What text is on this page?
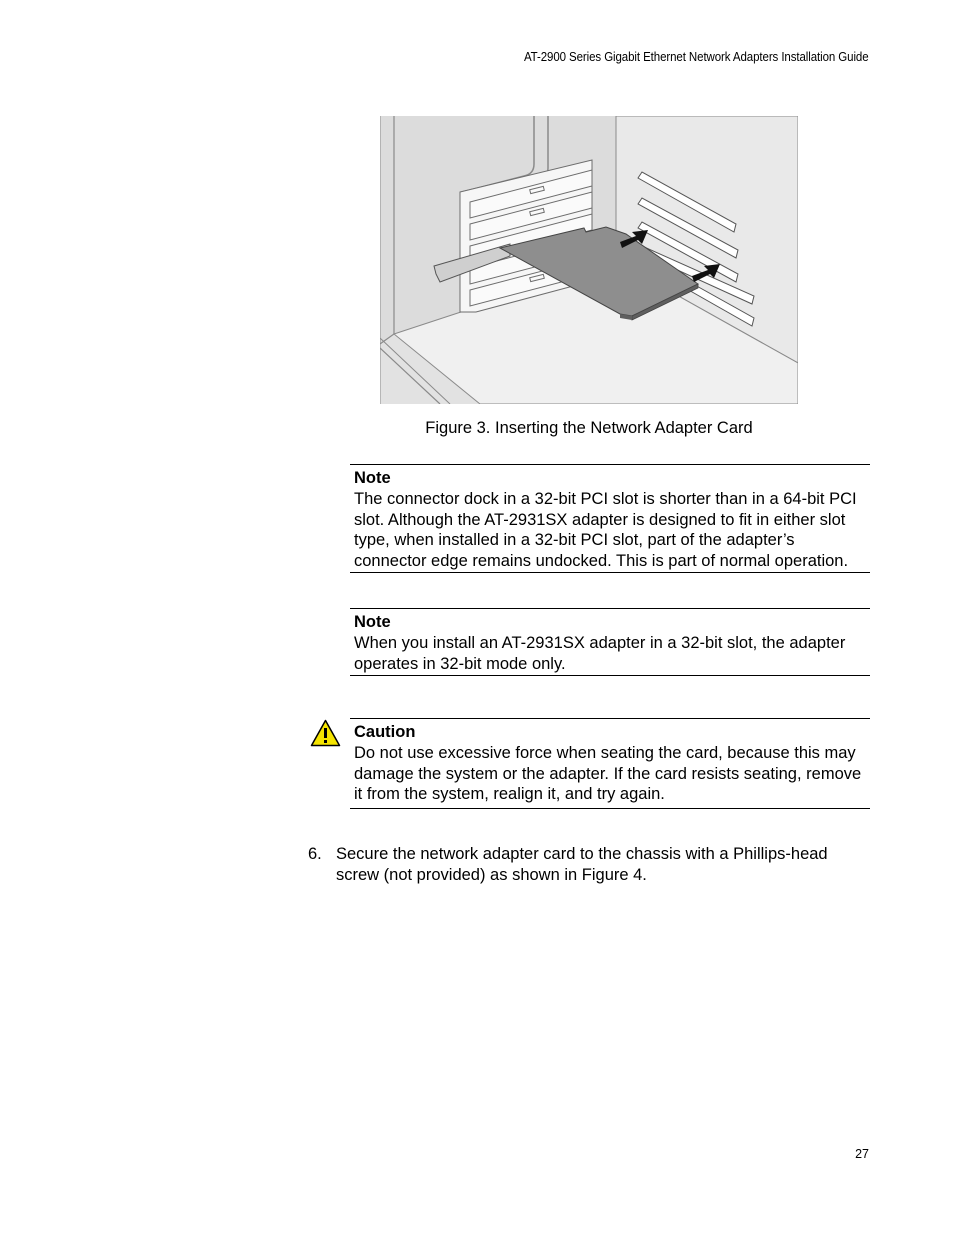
AT-2900 Series Gigabit Ethernet Network Adapters Installation Guide
Figure 3. Inserting the Network Adapter Card
Note

The connector dock in a 32-bit PCI slot is shorter than in a 64-bit PCI slot. Although the AT-2931SX adapter is designed to fit in either slot type, when installed in a 32-bit PCI slot, part of the adapter’s connector edge remains undocked. This is part of normal operation.

Note

When you install an AT-2931SX adapter in a 32-bit slot, the adapter operates in 32-bit mode only.

Caution

Do not use excessive force when seating the card, because this may damage the system or the adapter. If the card resists seating, remove it from the system, realign it, and try again.

6. Secure the network adapter card to the chassis with a Phillips-head screw (not provided) as shown in Figure 4.
27
